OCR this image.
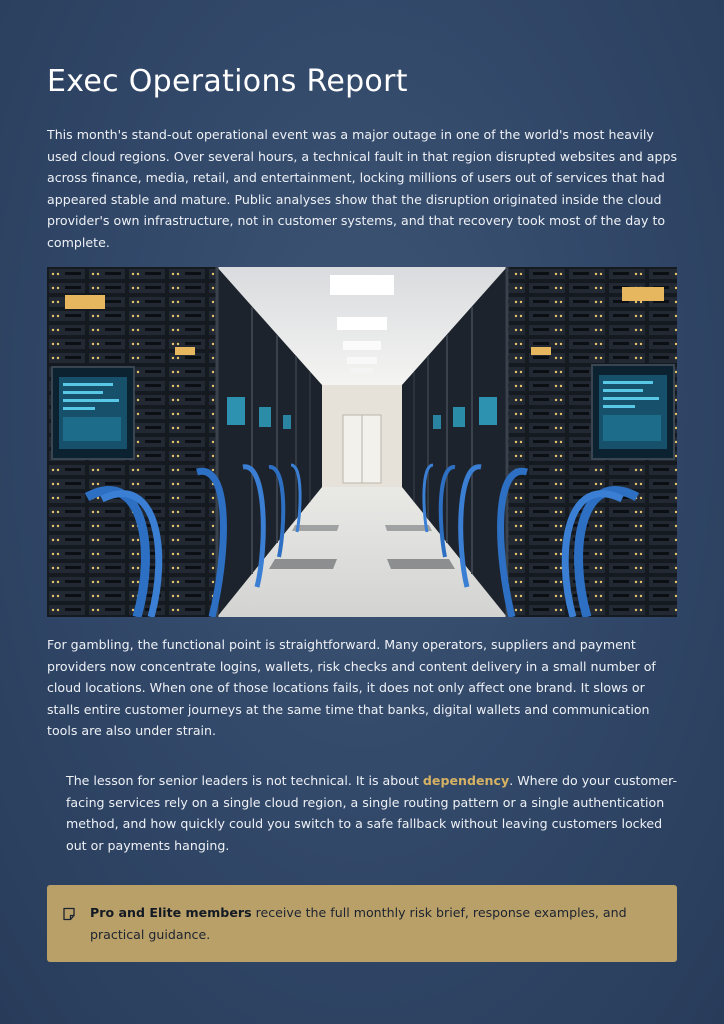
Exec Operations Report

This month's stand-out operational event was a major outage in one of the world's most heavily used cloud regions. Over several hours, a technical fault in that region disrupted websites and apps across finance, media, retail, and entertainment, locking millions of users out of services that had appeared stable and mature. Public analyses show that the disruption originated inside the cloud provider's own infrastructure, not in customer systems, and that recovery took most of the day to complete.

For gambling, the functional point is straightforward. Many operators, suppliers and payment providers now concentrate logins, wallets, risk checks and content delivery in a small number of cloud locations. When one of those locations fails, it does not only affect one brand. It slows or stalls entire customer journeys at the same time that banks, digital wallets and communication tools are also under strain.

The lesson for senior leaders is not technical. It is about dependency. Where do your customer-facing services rely on a single cloud region, a single routing pattern or a single authentication method, and how quickly could you switch to a safe fallback without leaving customers locked out or payments hanging.

Pro and Elite members receive the full monthly risk brief, response examples, and practical guidance.
